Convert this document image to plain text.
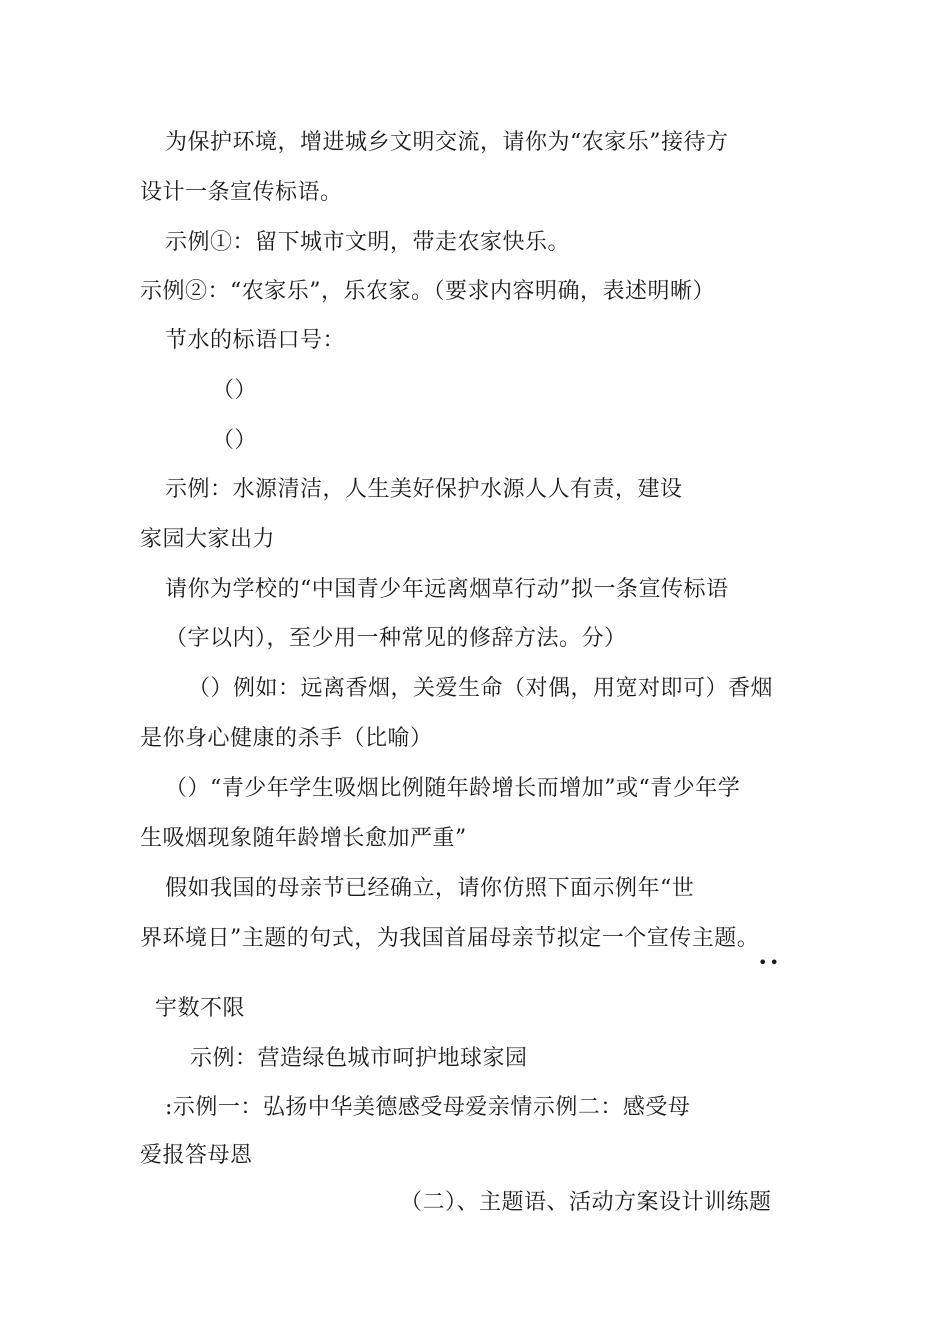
为保护环境，增进城乡文明交流，请你为“农家乐”接待方
设计一条宣传标语。
示例①：留下城市文明，带走农家快乐。
示例②：“农家乐”，乐农家。（要求内容明确，表述明晰）
节水的标语口号：
（）
（）
示例：水源清洁，人生美好保护水源人人有责，建设
家园大家出力
请你为学校的“中国青少年远离烟草行动”拟一条宣传标语
（字以内），至少用一种常见的修辞方法。分）
（）例如：远离香烟，关爱生命（对偶，用宽对即可）香烟
是你身心健康的杀手（比喻）
（）“青少年学生吸烟比例随年龄增长而增加”或“青少年学
生吸烟现象随年龄增长愈加严重”
假如我国的母亲节已经确立，请你仿照下面示例年“世
界环境日”主题的句式，为我国首届母亲节拟定一个宣传主题。
••
宇数不限
示例：营造绿色城市呵护地球家园
:示例一：弘扬中华美德感受母爱亲情示例二：感受母
爱报答母恩
（二）、主题语、活动方案设计训练题
